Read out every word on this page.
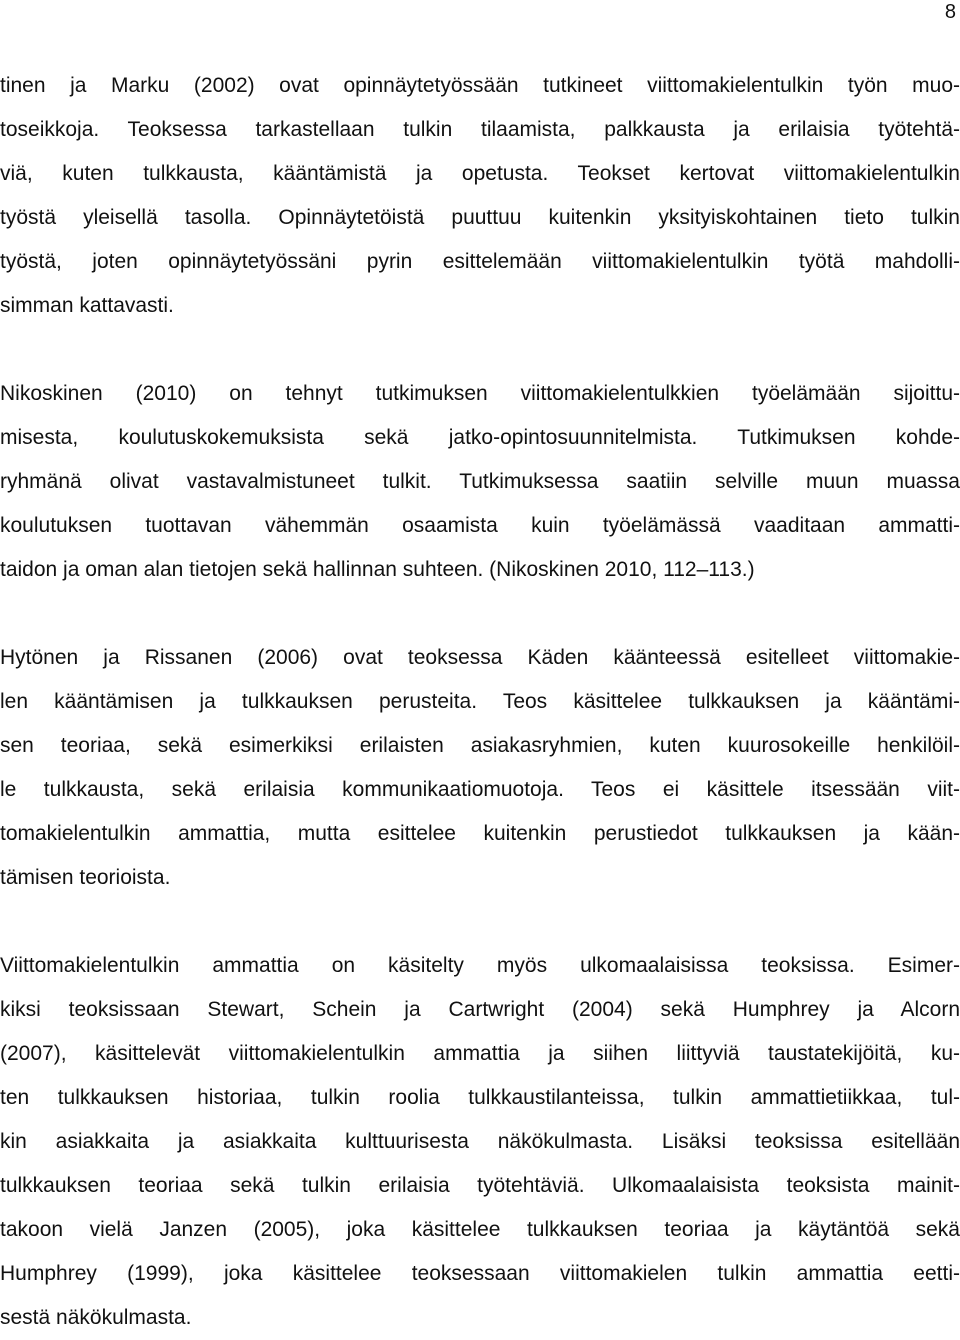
8

tinen ja Marku (2002) ovat opinnäytetyössään tutkineet viittomakielentulkin työn muo-
toseikkoja. Teoksessa tarkastellaan tulkin tilaamista, palkkausta ja erilaisia työtehtä-
viä, kuten tulkkausta, kääntämistä ja opetusta. Teokset kertovat viittomakielentulkin
työstä yleisellä tasolla. Opinnäytetöistä puuttuu kuitenkin yksityiskohtainen tieto tulkin
työstä, joten opinnäytetyössäni pyrin esittelemään viittomakielentulkin työtä mahdolli-
simman kattavasti.

Nikoskinen (2010) on tehnyt tutkimuksen viittomakielentulkkien työelämään sijoittu-
misesta, koulutuskokemuksista sekä jatko-opintosuunnitelmista. Tutkimuksen kohde-
ryhmänä olivat vastavalmistuneet tulkit. Tutkimuksessa saatiin selville muun muassa
koulutuksen tuottavan vähemmän osaamista kuin työelämässä vaaditaan ammatti-
taidon ja oman alan tietojen sekä hallinnan suhteen. (Nikoskinen 2010, 112–113.)

Hytönen ja Rissanen (2006) ovat teoksessa Käden käänteessä esitelleet viittomakie-
len kääntämisen ja tulkkauksen perusteita. Teos käsittelee tulkkauksen ja kääntämi-
sen teoriaa, sekä esimerkiksi erilaisten asiakasryhmien, kuten kuurosokeille henkilöil-
le tulkkausta, sekä erilaisia kommunikaatiomuotoja. Teos ei käsittele itsessään viit-
tomakielentulkin ammattia, mutta esittelee kuitenkin perustiedot tulkkauksen ja kään-
tämisen teorioista.

Viittomakielentulkin ammattia on käsitelty myös ulkomaalaisissa teoksissa. Esimer-
kiksi teoksissaan Stewart, Schein ja Cartwright (2004) sekä Humphrey ja Alcorn
(2007), käsittelevät viittomakielentulkin ammattia ja siihen liittyviä taustatekijöitä, ku-
ten tulkkauksen historiaa, tulkin roolia tulkkaustilanteissa, tulkin ammattietiikkaa, tul-
kin asiakkaita ja asiakkaita kulttuurisesta näkökulmasta. Lisäksi teoksissa esitellään
tulkkauksen teoriaa sekä tulkin erilaisia työtehtäviä. Ulkomaalaisista teoksista mainit-
takoon vielä Janzen (2005), joka käsittelee tulkkauksen teoriaa ja käytäntöä sekä
Humphrey (1999), joka käsittelee teoksessaan viittomakielen tulkin ammattia eetti-
sestä näkökulmasta.
